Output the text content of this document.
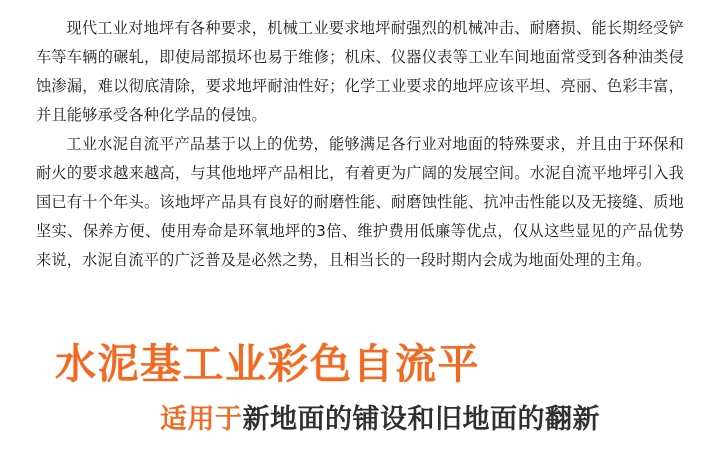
现代工业对地坪有各种要求，机械工业要求地坪耐强烈的机械冲击、耐磨损、能长期经受铲车等车辆的碾轧，即使局部损坏也易于维修；机床、仪器仪表等工业车间地面常受到各种油类侵蚀渗漏，难以彻底清除，要求地坪耐油性好；化学工业要求的地坪应该平坦、亮丽、色彩丰富，并且能够承受各种化学品的侵蚀。

工业水泥自流平产品基于以上的优势，能够满足各行业对地面的特殊要求，并且由于环保和耐火的要求越来越高，与其他地坪产品相比，有着更为广阔的发展空间。水泥自流平地坪引入我国已有十个年头。该地坪产品具有良好的耐磨性能、耐磨蚀性能、抗冲击性能以及无接缝、质地坚实、保养方便、使用寿命是环氧地坪的3倍、维护费用低廉等优点，仅从这些显见的产品优势来说，水泥自流平的广泛普及是必然之势，且相当长的一段时期内会成为地面处理的主角。

水泥基工业彩色自流平
适用于新地面的铺设和旧地面的翻新
